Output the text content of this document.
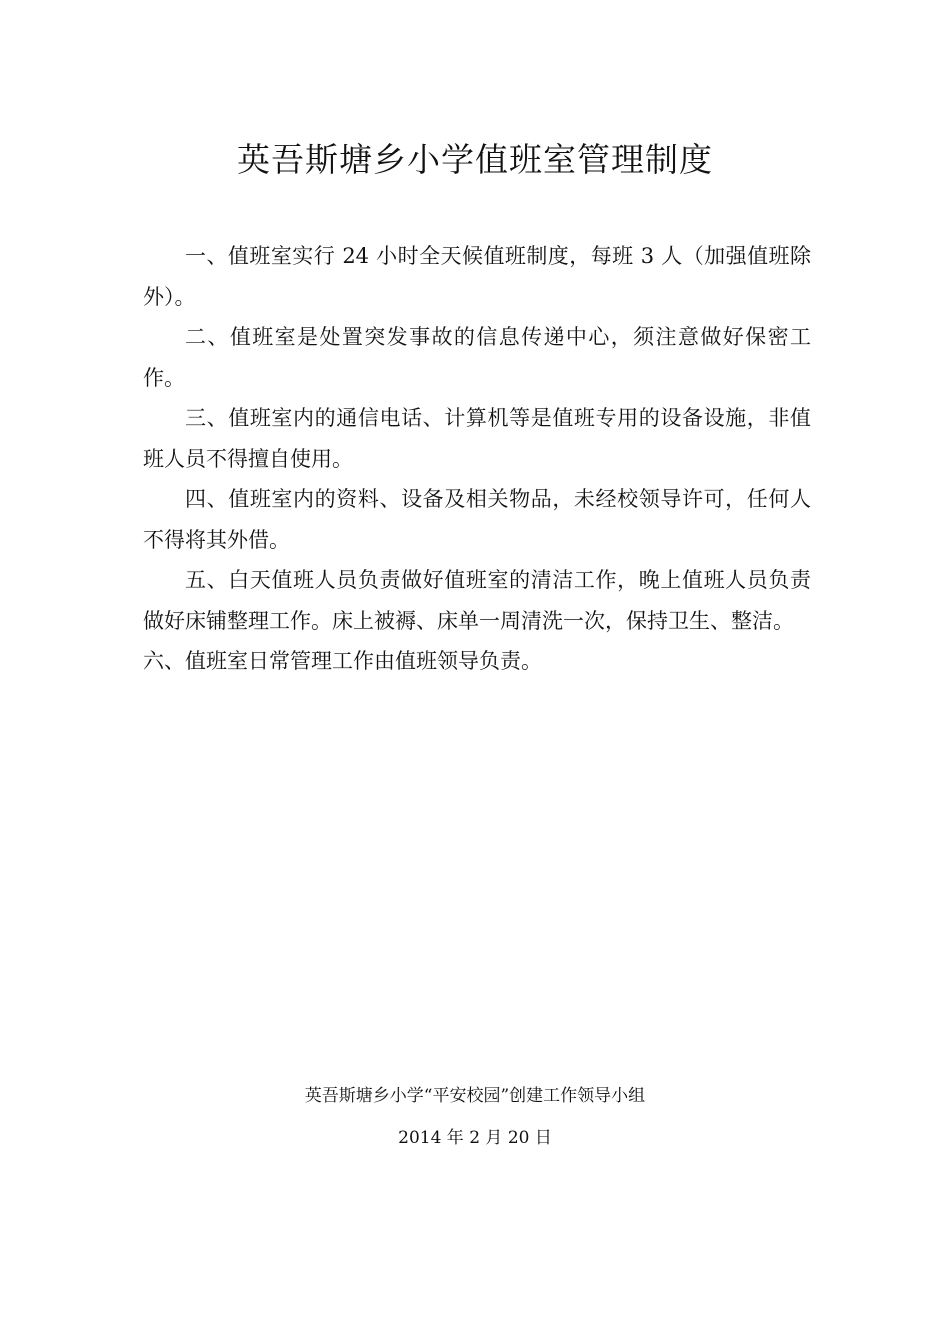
英吾斯塘乡小学值班室管理制度

一、值班室实行 24 小时全天候值班制度，每班 3 人（加强值班除外）。

二、值班室是处置突发事故的信息传递中心，须注意做好保密工作。

三、值班室内的通信电话、计算机等是值班专用的设备设施，非值班人员不得擅自使用。

四、值班室内的资料、设备及相关物品，未经校领导许可，任何人不得将其外借。

五、白天值班人员负责做好值班室的清洁工作，晚上值班人员负责做好床铺整理工作。床上被褥、床单一周清洗一次，保持卫生、整洁。

六、值班室日常管理工作由值班领导负责。

英吾斯塘乡小学“平安校园”创建工作领导小组
2014 年 2 月 20 日
